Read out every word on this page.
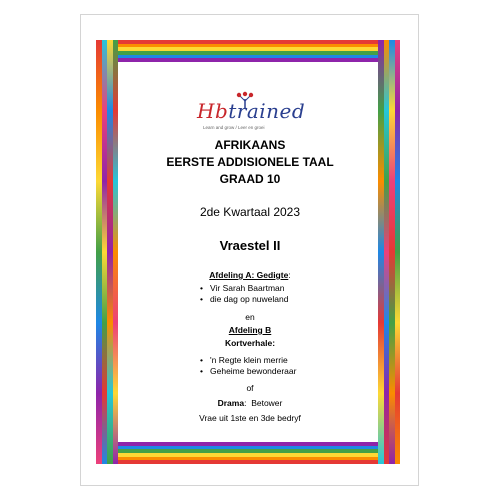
Hbtrained
Learn and grow / Leer en groei
AFRIKAANS
EERSTE ADDISIONELE TAAL
GRAAD 10
2de Kwartaal 2023
Vraestel II
Afdeling A: Gedigte:
• Vir Sarah Baartman
• die dag op nuweland
en
Afdeling B
Kortverhale:
• 'n Regte klein merrie
• Geheime bewonderaar
of
Drama: Betower
Vrae uit 1ste en 3de bedryf
